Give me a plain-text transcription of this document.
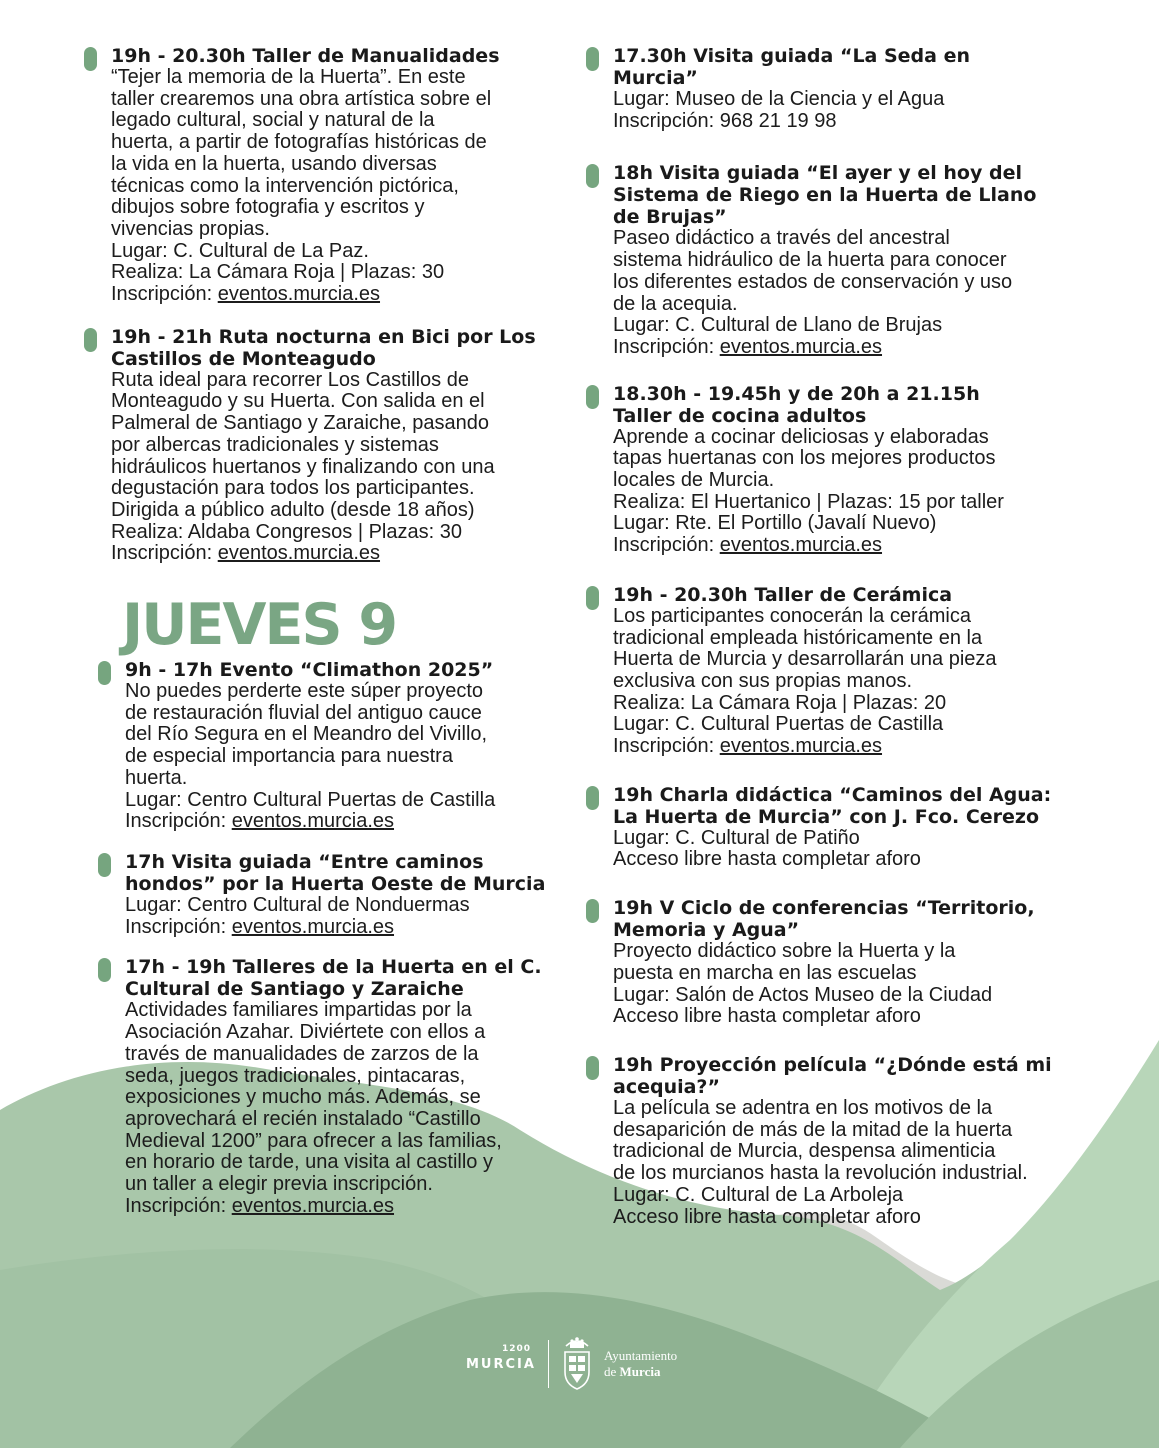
19h - 20.30h Taller de Manualidades
“Tejer la memoria de la Huerta”. En este
taller crearemos una obra artística sobre el
legado cultural, social y natural de la
huerta, a partir de fotografías históricas de
la vida en la huerta, usando diversas
técnicas como la intervención pictórica,
dibujos sobre fotografia y escritos y
vivencias propias.
Lugar: C. Cultural de La Paz.
Realiza: La Cámara Roja | Plazas: 30
Inscripción: eventos.murcia.es
19h - 21h Ruta nocturna en Bici por Los
Castillos de Monteagudo
Ruta ideal para recorrer Los Castillos de
Monteagudo y su Huerta. Con salida en el
Palmeral de Santiago y Zaraiche, pasando
por albercas tradicionales y sistemas
hidráulicos huertanos y finalizando con una
degustación para todos los participantes.
Dirigida a público adulto (desde 18 años)
Realiza: Aldaba Congresos | Plazas: 30
Inscripción: eventos.murcia.es
JUEVES 9
9h - 17h Evento “Climathon 2025”
No puedes perderte este súper proyecto
de restauración fluvial del antiguo cauce
del Río Segura en el Meandro del Vivillo,
de especial importancia para nuestra
huerta.
Lugar: Centro Cultural Puertas de Castilla
Inscripción: eventos.murcia.es
17h Visita guiada “Entre caminos
hondos” por la Huerta Oeste de Murcia
Lugar: Centro Cultural de Nonduermas
Inscripción: eventos.murcia.es
17h - 19h Talleres de la Huerta en el C.
Cultural de Santiago y Zaraiche
Actividades familiares impartidas por la
Asociación Azahar. Diviértete con ellos a
través de manualidades de zarzos de la
seda, juegos tradicionales, pintacaras,
exposiciones y mucho más. Además, se
aprovechará el recién instalado “Castillo
Medieval 1200” para ofrecer a las familias,
en horario de tarde, una visita al castillo y
un taller a elegir previa inscripción.
Inscripción: eventos.murcia.es
17.30h Visita guiada “La Seda en
Murcia”
Lugar: Museo de la Ciencia y el Agua
Inscripción: 968 21 19 98
18h Visita guiada “El ayer y el hoy del
Sistema de Riego en la Huerta de Llano
de Brujas”
Paseo didáctico a través del ancestral
sistema hidráulico de la huerta para conocer
los diferentes estados de conservación y uso
de la acequia.
Lugar: C. Cultural de Llano de Brujas
Inscripción: eventos.murcia.es
18.30h - 19.45h y de 20h a 21.15h
Taller de cocina adultos
Aprende a cocinar deliciosas y elaboradas
tapas huertanas con los mejores productos
locales de Murcia.
Realiza: El Huertanico | Plazas: 15 por taller
Lugar: Rte. El Portillo (Javalí Nuevo)
Inscripción: eventos.murcia.es
19h - 20.30h Taller de Cerámica
Los participantes conocerán la cerámica
tradicional empleada históricamente en la
Huerta de Murcia y desarrollarán una pieza
exclusiva con sus propias manos.
Realiza: La Cámara Roja | Plazas: 20
Lugar: C. Cultural Puertas de Castilla
Inscripción: eventos.murcia.es
19h Charla didáctica “Caminos del Agua:
La Huerta de Murcia” con J. Fco. Cerezo
Lugar: C. Cultural de Patiño
Acceso libre hasta completar aforo
19h V Ciclo de conferencias “Territorio,
Memoria y Agua”
Proyecto didáctico sobre la Huerta y la
puesta en marcha en las escuelas
Lugar: Salón de Actos Museo de la Ciudad
Acceso libre hasta completar aforo
19h Proyección película “¿Dónde está mi
acequia?”
La película se adentra en los motivos de la
desaparición de más de la mitad de la huerta
tradicional de Murcia, despensa alimenticia
de los murcianos hasta la revolución industrial.
Lugar: C. Cultural de La Arboleja
Acceso libre hasta completar aforo
1200
MURCIA
Ayuntamiento
de Murcia
